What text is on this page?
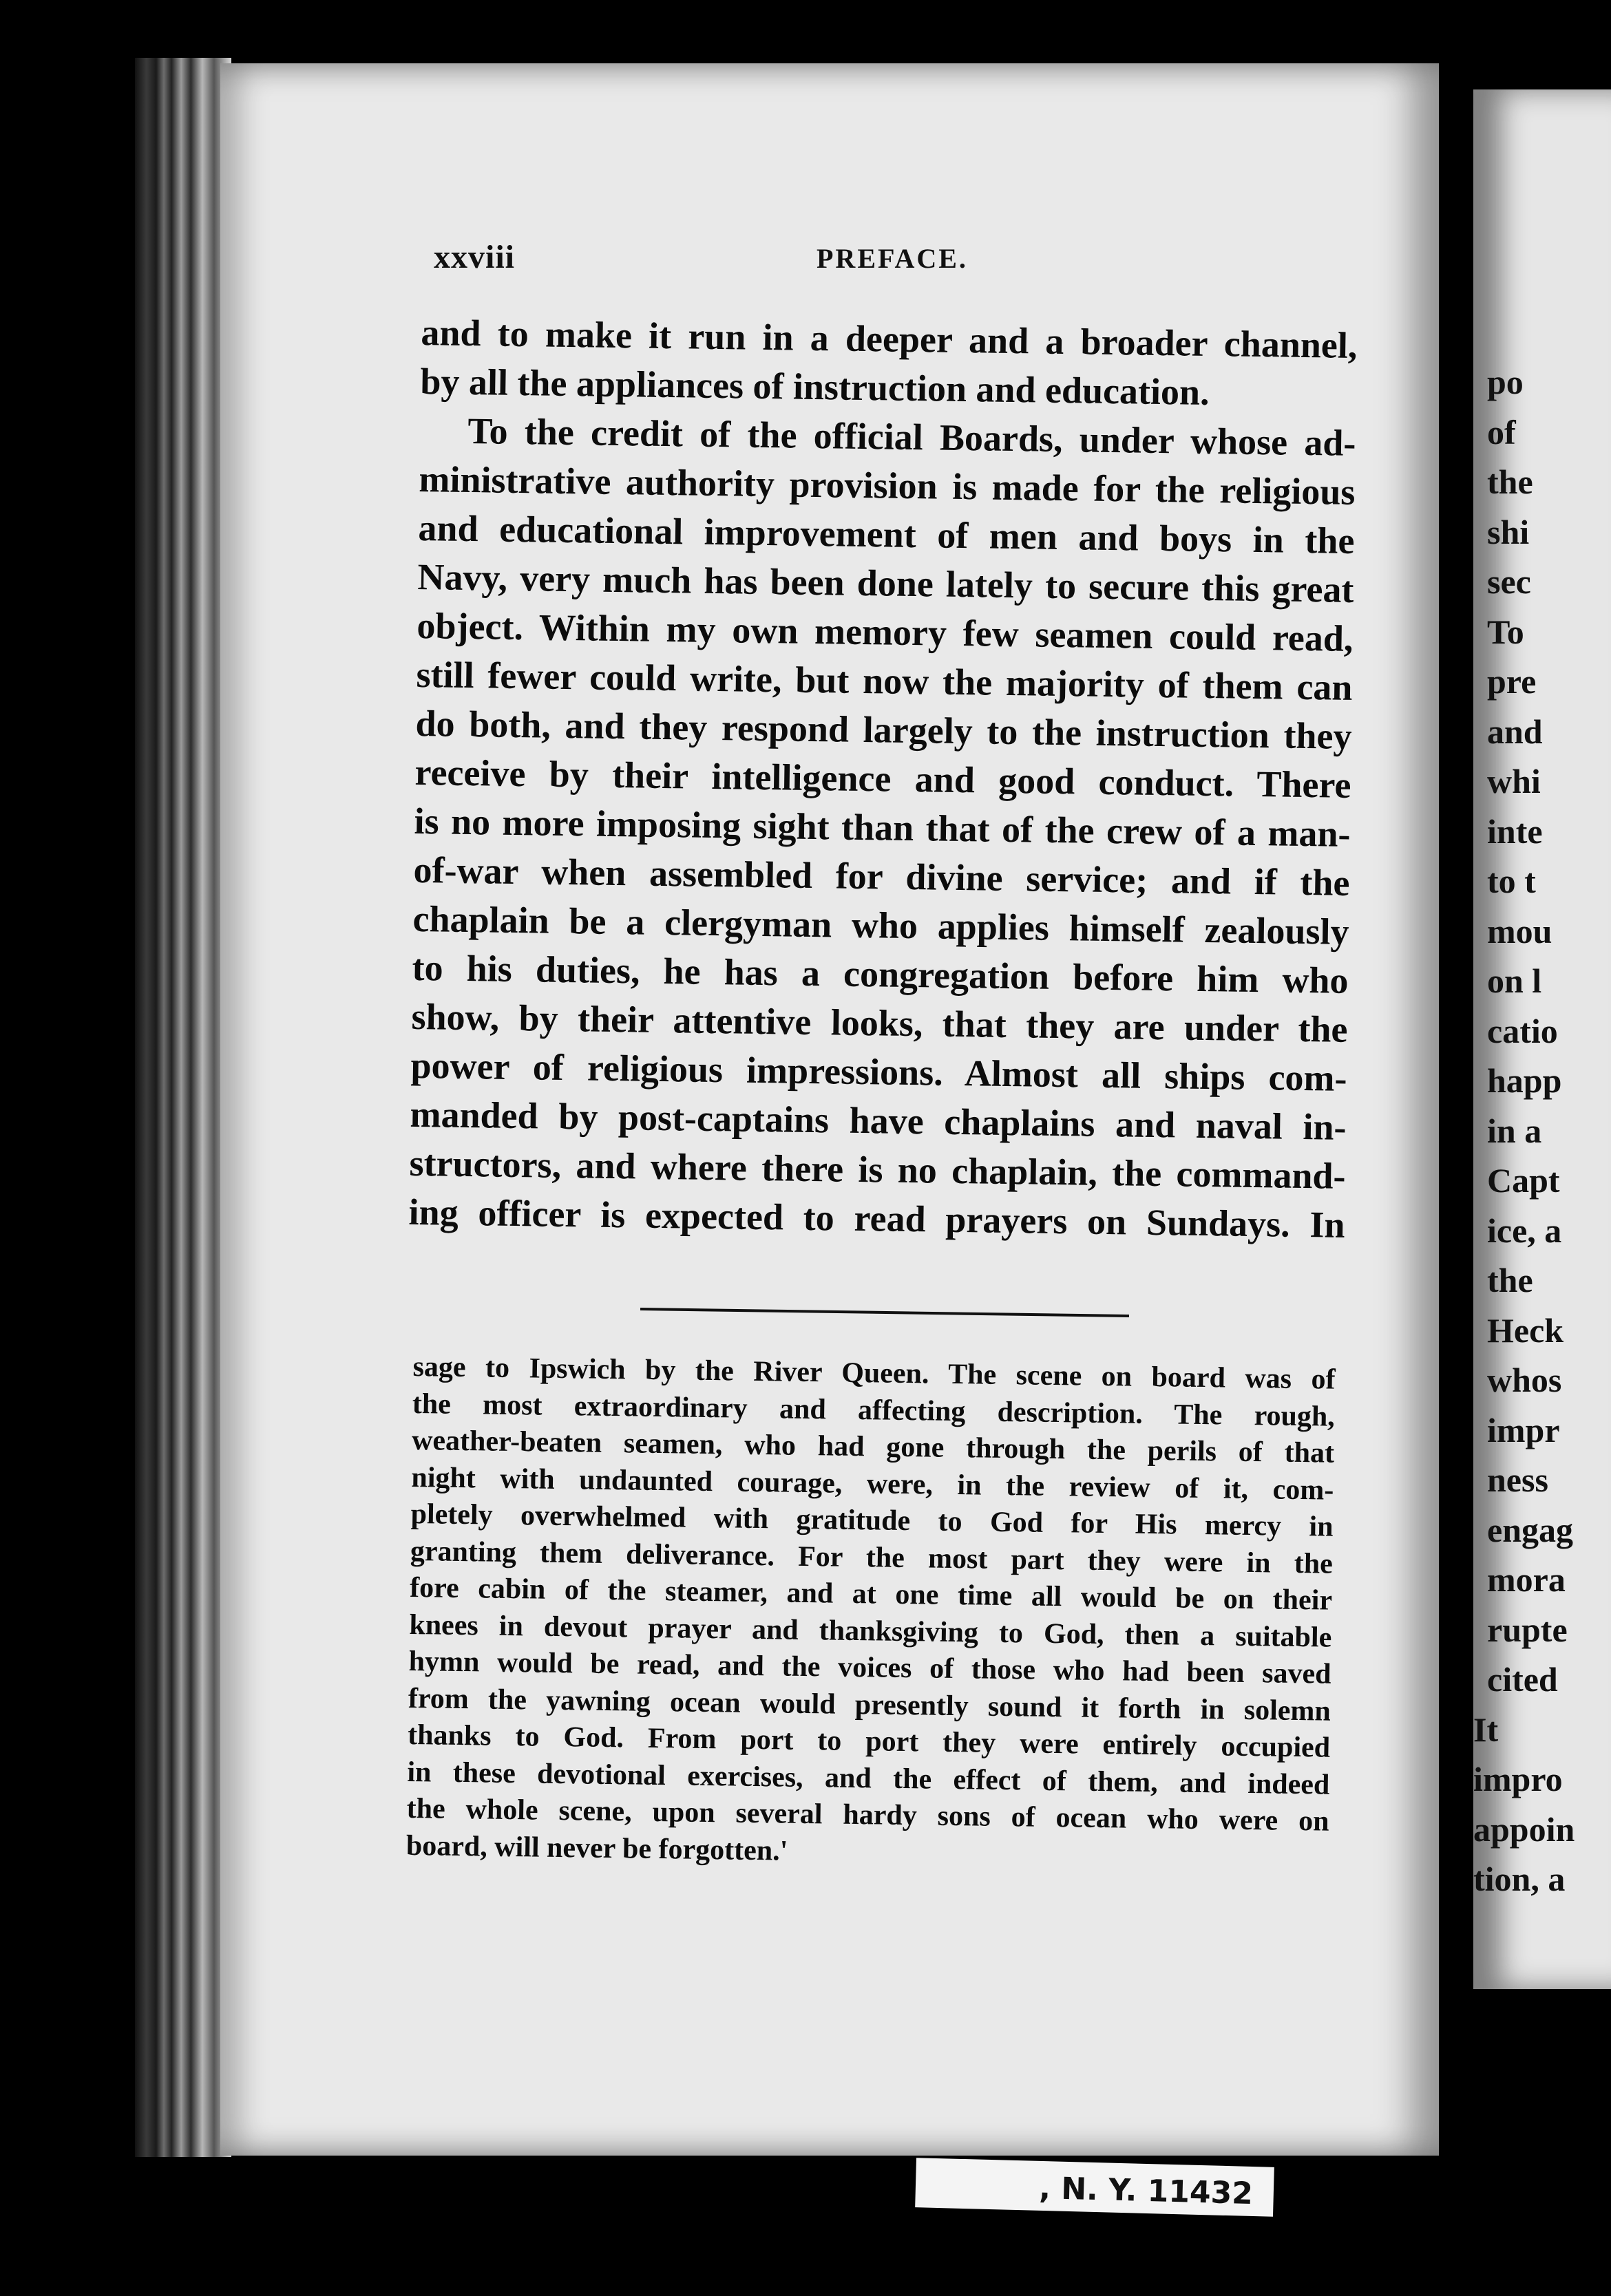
po
of
the
shi
sec
To
pre
and
whi
inte
to t
mou
on l
catio
happ
in a
Capt
ice, a
the
Heck
whos
impr
ness
engag
mora
rupte
cited
It
impro
appoin
tion, a
xxviii	PREFACE.
and to make it run in a deeper and a broader channel,
by all the appliances of instruction and education.
To the credit of the official Boards, under whose ad-
ministrative authority provision is made for the religious
and educational improvement of men and boys in the
Navy, very much has been done lately to secure this great
object. Within my own memory few seamen could read,
still fewer could write, but now the majority of them can
do both, and they respond largely to the instruction they
receive by their intelligence and good conduct. There
is no more imposing sight than that of the crew of a man-
of-war when assembled for divine service; and if the
chaplain be a clergyman who applies himself zealously
to his duties, he has a congregation before him who
show, by their attentive looks, that they are under the
power of religious impressions. Almost all ships com-
manded by post-captains have chaplains and naval in-
structors, and where there is no chaplain, the command-
ing officer is expected to read prayers on Sundays. In
sage to Ipswich by the River Queen. The scene on board was of
the most extraordinary and affecting description. The rough,
weather-beaten seamen, who had gone through the perils of that
night with undaunted courage, were, in the review of it, com-
pletely overwhelmed with gratitude to God for His mercy in
granting them deliverance. For the most part they were in the
fore cabin of the steamer, and at one time all would be on their
knees in devout prayer and thanksgiving to God, then a suitable
hymn would be read, and the voices of those who had been saved
from the yawning ocean would presently sound it forth in solemn
thanks to God. From port to port they were entirely occupied
in these devotional exercises, and the effect of them, and indeed
the whole scene, upon several hardy sons of ocean who were on
board, will never be forgotten.'
, N. Y. 11432
